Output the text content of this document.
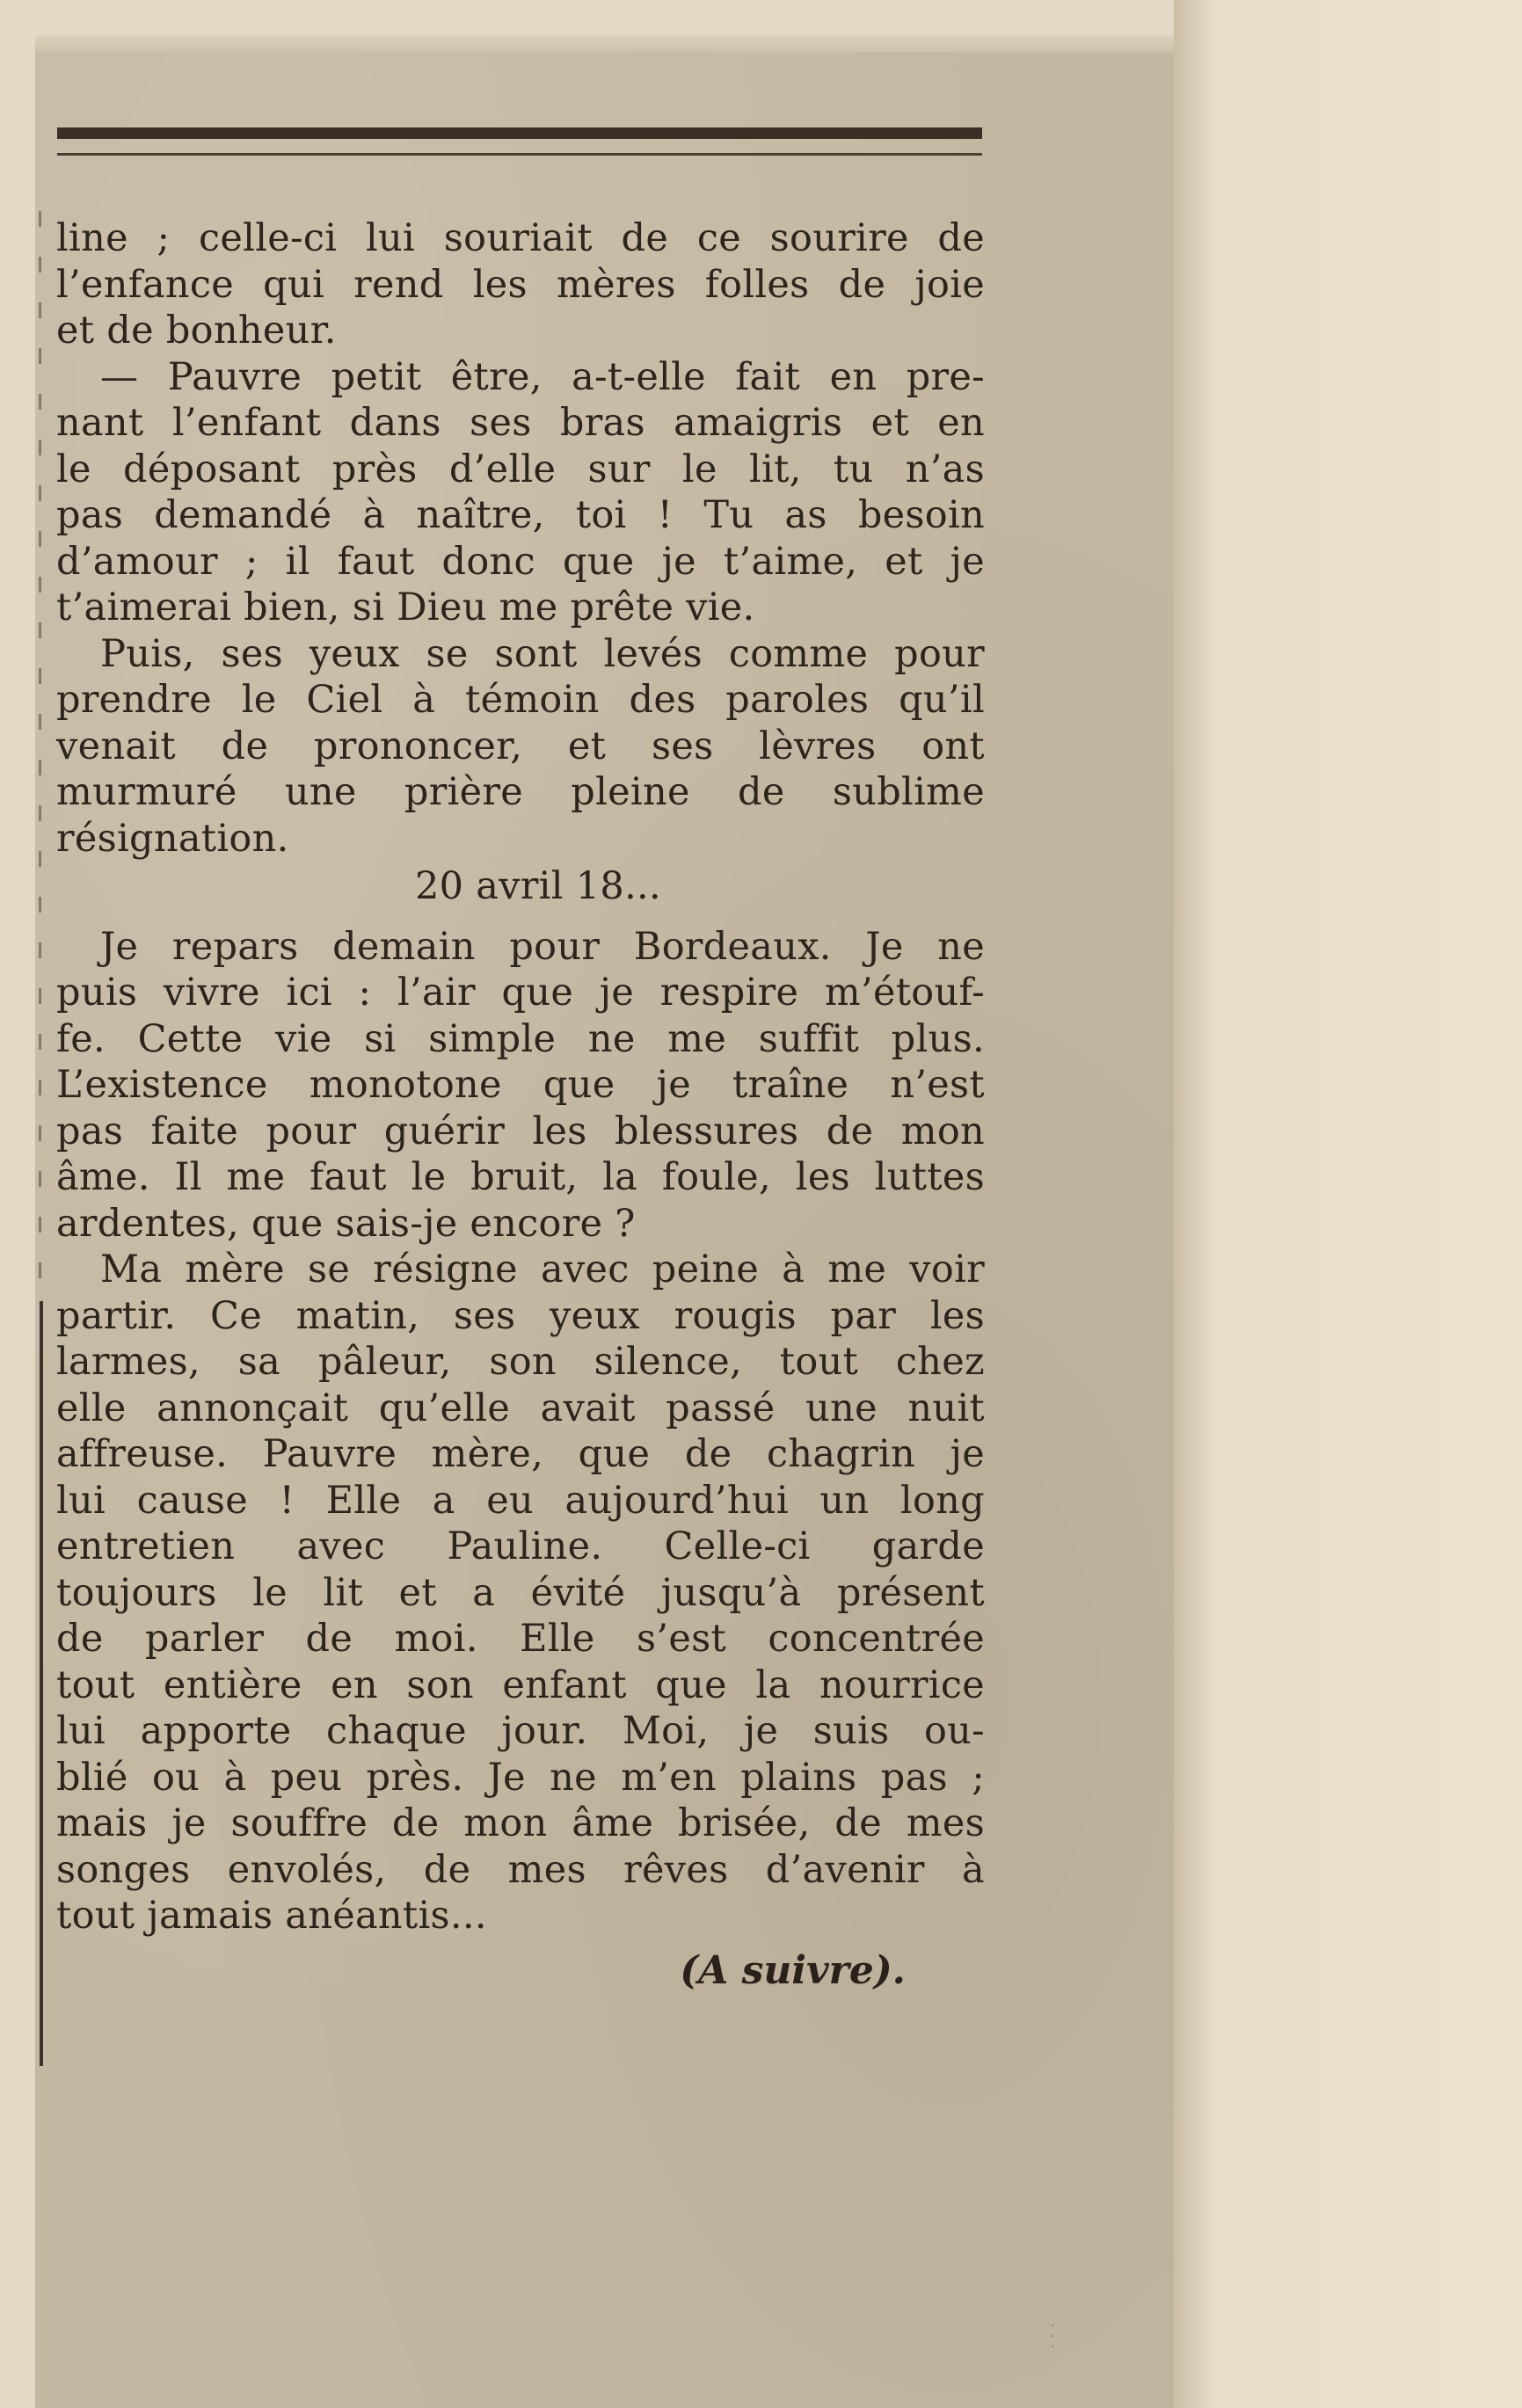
line ; celle-ci lui souriait de ce sourire de
l’enfance qui rend les mères folles de joie
et de bonheur.
— Pauvre petit être, a-t-elle fait en pre-
nant l’enfant dans ses bras amaigris et en
le déposant près d’elle sur le lit, tu n’as
pas demandé à naître, toi ! Tu as besoin
d’amour ; il faut donc que je t’aime, et je
t’aimerai bien, si Dieu me prête vie.
Puis, ses yeux se sont levés comme pour
prendre le Ciel à témoin des paroles qu’il
venait de prononcer, et ses lèvres ont
murmuré une prière pleine de sublime
résignation.
20 avril 18...
Je repars demain pour Bordeaux. Je ne
puis vivre ici : l’air que je respire m’étouf-
fe. Cette vie si simple ne me suffit plus.
L’existence monotone que je traîne n’est
pas faite pour guérir les blessures de mon
âme. Il me faut le bruit, la foule, les luttes
ardentes, que sais-je encore ?
Ma mère se résigne avec peine à me voir
partir. Ce matin, ses yeux rougis par les
larmes, sa pâleur, son silence, tout chez
elle annonçait qu’elle avait passé une nuit
affreuse. Pauvre mère, que de chagrin je
lui cause ! Elle a eu aujourd’hui un long
entretien avec Pauline. Celle-ci garde
toujours le lit et a évité jusqu’à présent
de parler de moi. Elle s’est concentrée
tout entière en son enfant que la nourrice
lui apporte chaque jour. Moi, je suis ou-
blié ou à peu près. Je ne m’en plains pas ;
mais je souffre de mon âme brisée, de mes
songes envolés, de mes rêves d’avenir à
tout jamais anéantis...
(A suivre).
·
·
·
